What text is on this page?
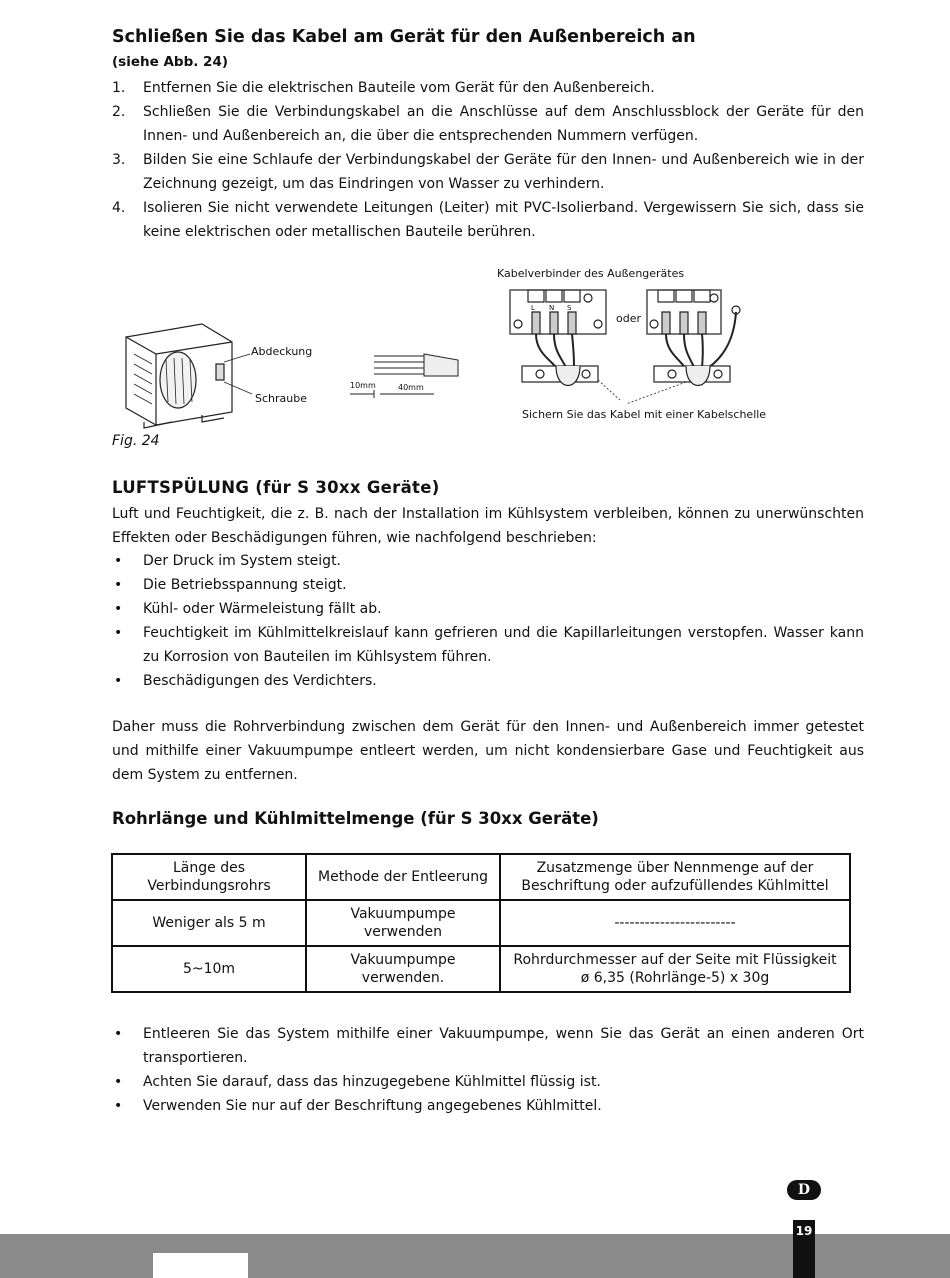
Schließen Sie das Kabel am Gerät für den Außenbereich an
(siehe Abb. 24)
1. Entfernen Sie die elektrischen Bauteile vom Gerät für den Außenbereich.
2. Schließen Sie die Verbindungskabel an die Anschlüsse auf dem Anschlussblock der Geräte für den Innen- und Außenbereich an, die über die entsprechenden Nummern verfügen.
3. Bilden Sie eine Schlaufe der Verbindungskabel der Geräte für den Innen- und Außenbereich wie in der Zeichnung gezeigt, um das Eindringen von Wasser zu verhindern.
4. Isolieren Sie nicht verwendete Leitungen (Leiter) mit PVC-Isolierband. Vergewissern Sie sich, dass sie keine elektrischen oder metallischen Bauteile berühren.
Abdeckung
Schraube
10mm	40mm
Kabelverbinder des Außengerätes
L N S
oder
Sichern Sie das Kabel mit einer Kabelschelle
Fig. 24
LUFTSPÜLUNG (für S 30xx Geräte)

Luft und Feuchtigkeit, die z. B. nach der Installation im Kühlsystem verbleiben, können zu unerwünschten Effekten oder Beschädigungen führen, wie nachfolgend beschrieben:

• Der Druck im System steigt.
• Die Betriebsspannung steigt.
• Kühl- oder Wärmeleistung fällt ab.
• Feuchtigkeit im Kühlmittelkreislauf kann gefrieren und die Kapillarleitungen verstopfen. Wasser kann zu Korrosion von Bauteilen im Kühlsystem führen.
• Beschädigungen des Verdichters.

Daher muss die Rohrverbindung zwischen dem Gerät für den Innen- und Außenbereich immer getestet und mithilfe einer Vakuumpumpe entleert werden, um nicht kondensierbare Gase und Feuchtigkeit aus dem System zu entfernen.

Rohrlänge und Kühlmittelmenge (für S 30xx Geräte)
Länge des Verbindungsrohrs	Methode der Entleerung	Zusatzmenge über Nennmenge auf der Beschriftung oder aufzufüllendes Kühlmittel
Weniger als 5 m	Vakuumpumpe verwenden	------------------------
5~10m	Vakuumpumpe verwenden.	Rohrdurchmesser auf der Seite mit Flüssigkeit ø 6,35 (Rohrlänge-5) x 30g
• Entleeren Sie das System mithilfe einer Vakuumpumpe, wenn Sie das Gerät an einen anderen Ort transportieren.
• Achten Sie darauf, dass das hinzugegebene Kühlmittel flüssig ist.
• Verwenden Sie nur auf der Beschriftung angegebenes Kühlmittel.
D
19
